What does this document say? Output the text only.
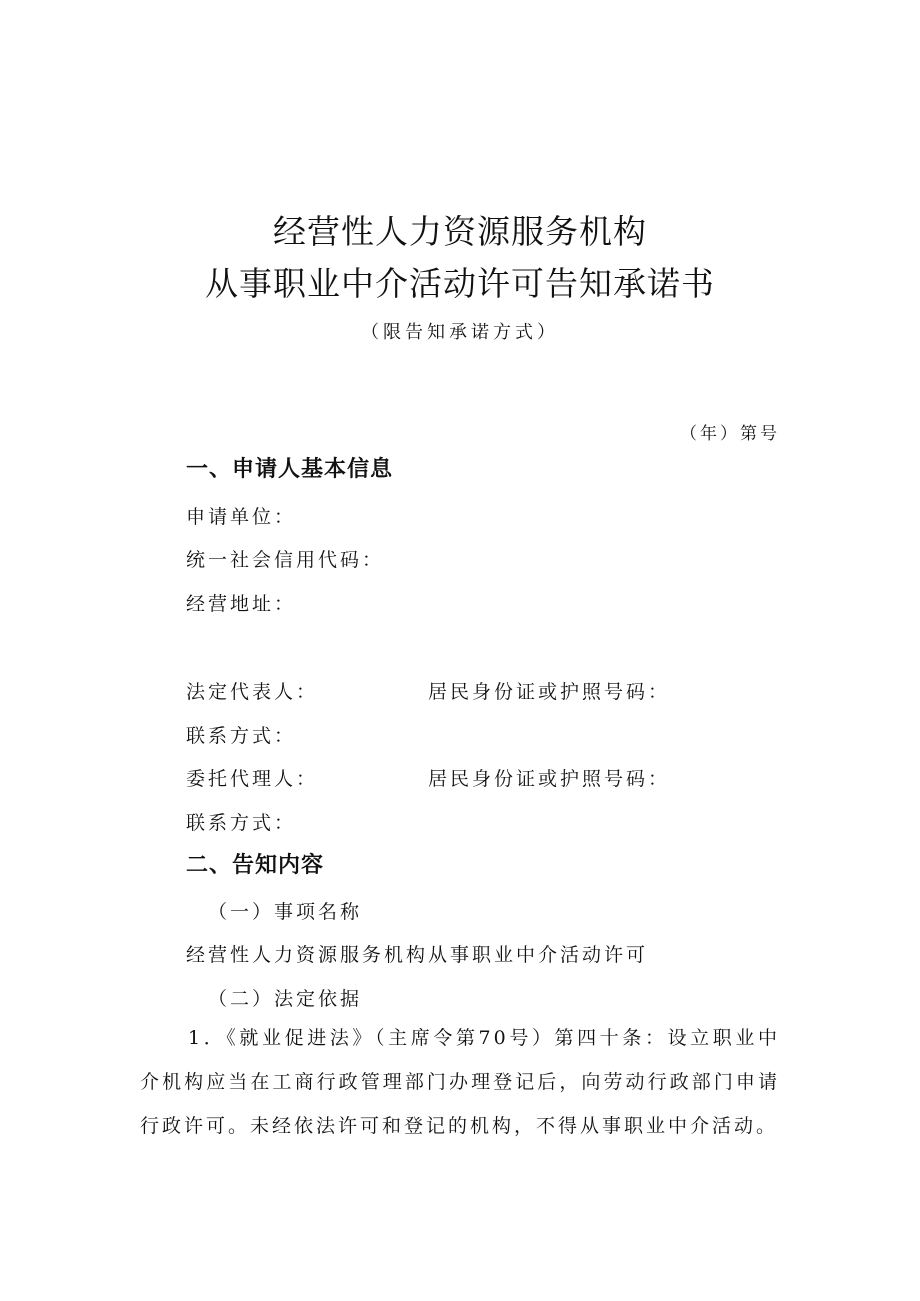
经营性人力资源服务机构
从事职业中介活动许可告知承诺书
（限告知承诺方式）
（年）第号
一、申请人基本信息
申请单位：
统一社会信用代码：
经营地址：
法定代表人：	居民身份证或护照号码：
联系方式：
委托代理人：	居民身份证或护照号码：
联系方式：
二、告知内容
（一）事项名称
经营性人力资源服务机构从事职业中介活动许可
（二）法定依据
1．《就业促进法》（主席令第70号）第四十条：设立职业中介机构应当在工商行政管理部门办理登记后，向劳动行政部门申请行政许可。未经依法许可和登记的机构，不得从事职业中介活动。
